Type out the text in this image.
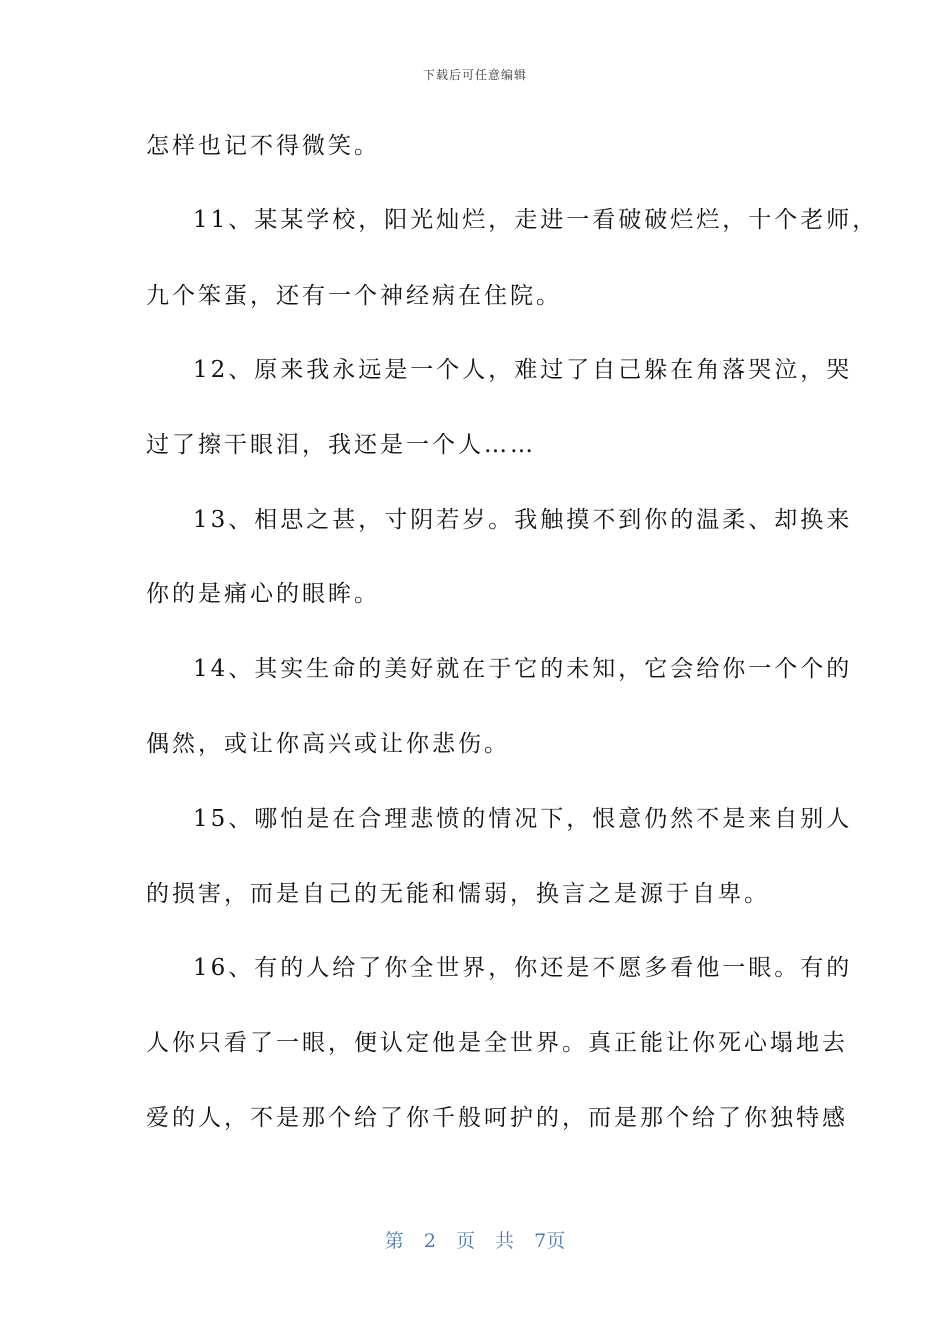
下载后可任意编辑
怎样也记不得微笑。
11、某某学校，阳光灿烂，走进一看破破烂烂，十个老师，
九个笨蛋，还有一个神经病在住院。
12、原来我永远是一个人，难过了自己躲在角落哭泣，哭
过了擦干眼泪，我还是一个人……
13、相思之甚，寸阴若岁。我触摸不到你的温柔、却换来
你的是痛心的眼眸。
14、其实生命的美好就在于它的未知，它会给你一个个的
偶然，或让你高兴或让你悲伤。
15、哪怕是在合理悲愤的情况下，恨意仍然不是来自别人
的损害，而是自己的无能和懦弱，换言之是源于自卑。
16、有的人给了你全世界，你还是不愿多看他一眼。有的
人你只看了一眼，便认定他是全世界。真正能让你死心塌地去
爱的人，不是那个给了你千般呵护的，而是那个给了你独特感
第 2 页 共 7页
